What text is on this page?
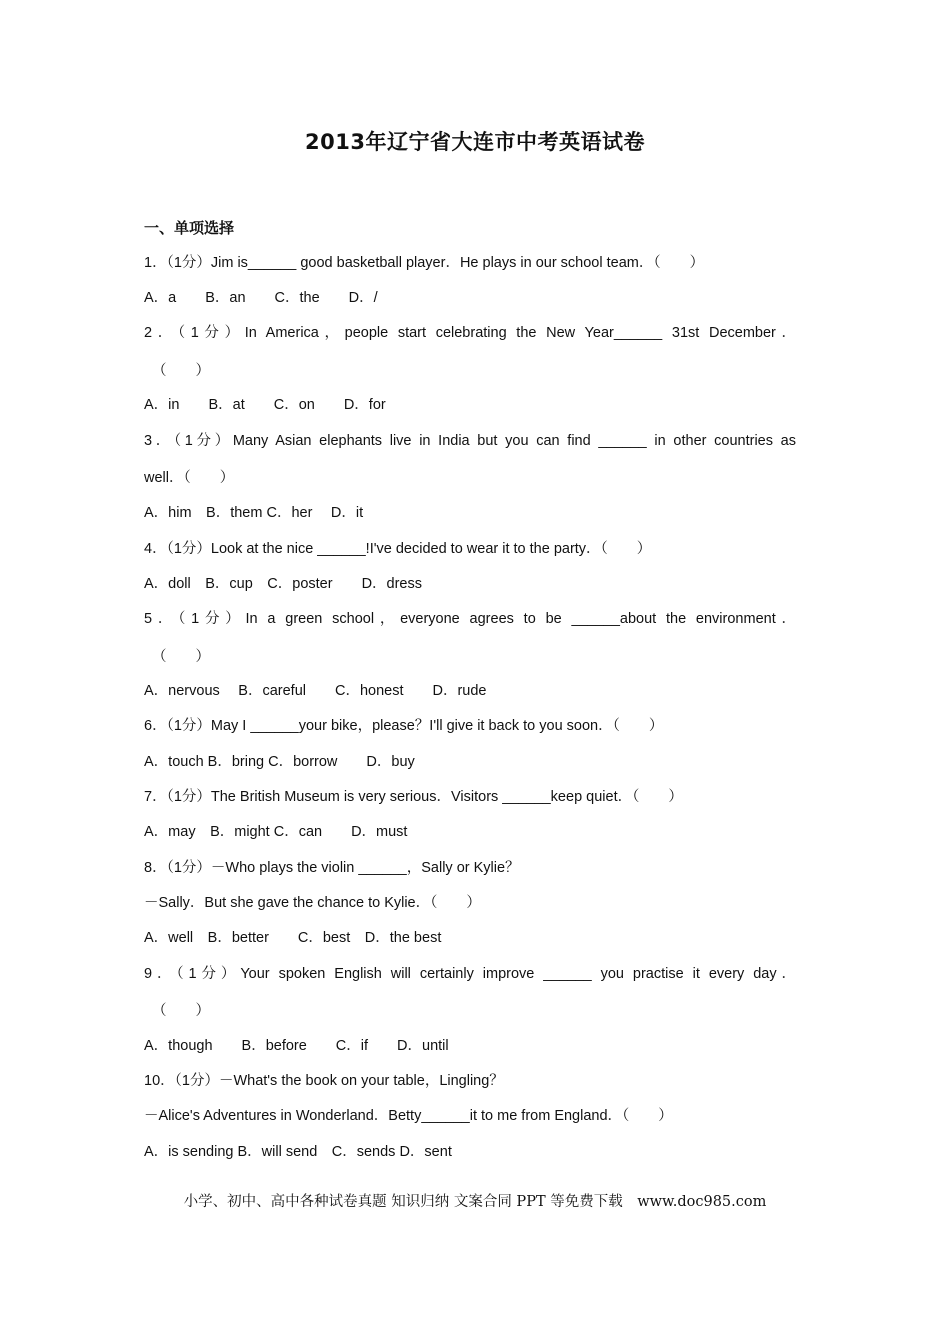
2013年辽宁省大连市中考英语试卷
一、单项选择
1．（1分）Jim is______ good basketball player．He plays in our school team．（　　）
A．a　　B．an　　C．the　　D．/
2．（1分）In America，people start celebrating the New Year______ 31st December．
（　　）
A．in　　B．at　　C．on　　D．for
3．（1分）Many Asian elephants live in India but you can find ______ in other countries as
well．（　　）
A．him　B．them C．her　 D．it
4．（1分）Look at the nice ______!I've decided to wear it to the party．（　　）
A．doll　B．cup　C．poster　　D．dress
5．（1分）In a green school，everyone agrees to be ______about the environment．
（　　）
A．nervous　 B．careful　　C．honest　　D．rude
6．（1分）May I ______your bike，please？I'll give it back to you soon．（　　）
A．touch B．bring C．borrow　　D．buy
7．（1分）The British Museum is very serious．Visitors ______keep quiet．（　　）
A．may　B．might C．can　　D．must
8．（1分）－Who plays the violin ______，Sally or Kylie？
－Sally．But she gave the chance to Kylie．（　　）
A．well　B．better　　C．best　D．the best
9．（1分）Your spoken English will certainly improve ______ you practise it every day．
（　　）
A．though　　B．before　　C．if　　D．until
10．（1分）－What's the book on your table，Lingling？
－Alice's Adventures in Wonderland．Betty______it to me from England．（　　）
A．is sending B．will send　C．sends D．sent
小学、初中、高中各种试卷真题 知识归纳 文案合同 PPT 等免费下载　www.doc985.com
